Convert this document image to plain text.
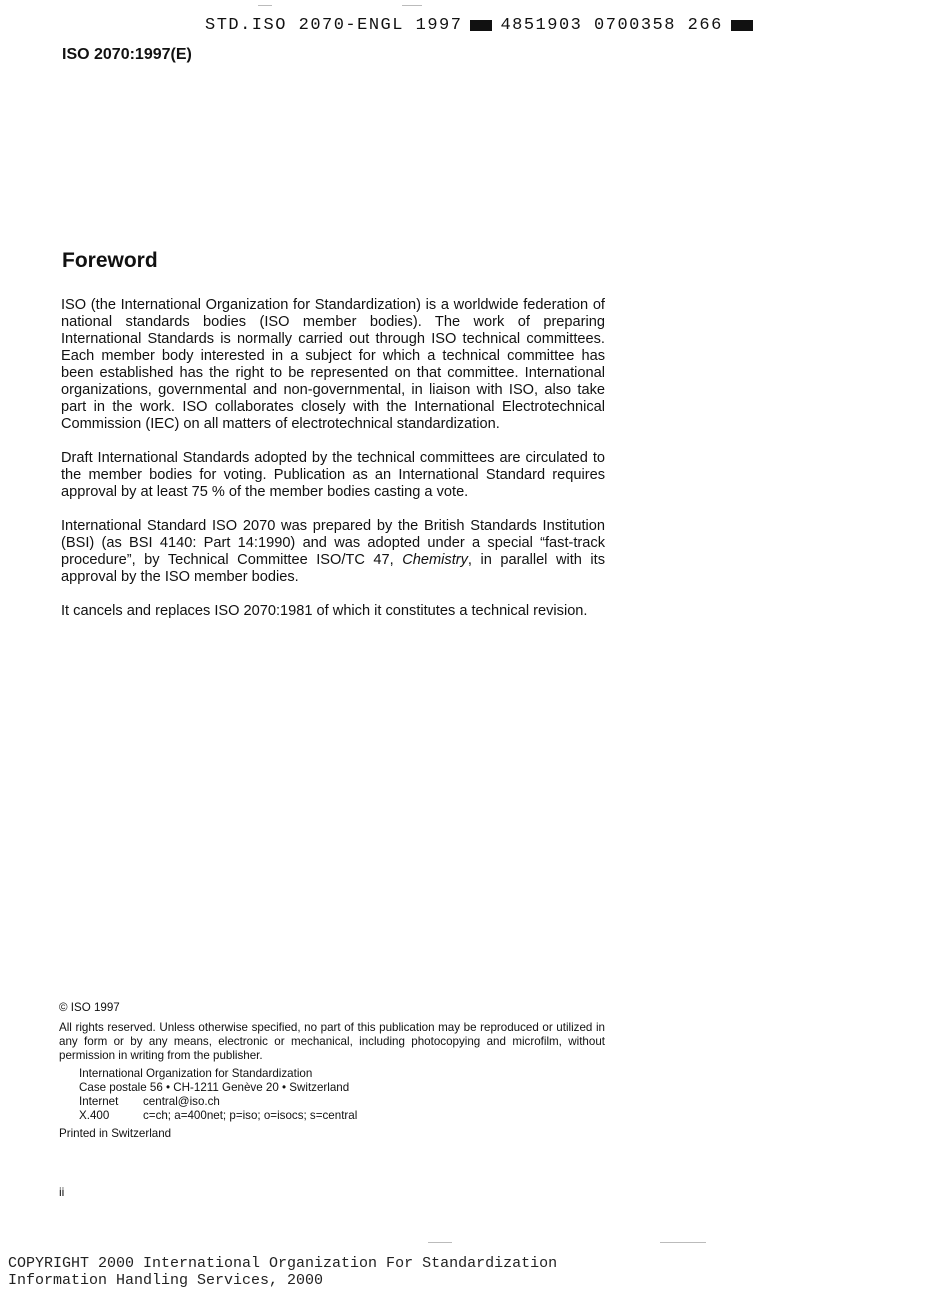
STD.ISO 2070-ENGL 1997 4851903 0700358 266
ISO 2070:1997(E)
Foreword

ISO (the International Organization for Standardization) is a worldwide federation of national standards bodies (ISO member bodies). The work of preparing International Standards is normally carried out through ISO technical committees. Each member body interested in a subject for which a technical committee has been established has the right to be represented on that committee. International organizations, governmental and non-governmental, in liaison with ISO, also take part in the work. ISO collaborates closely with the International Electrotechnical Commission (IEC) on all matters of electrotechnical standardization.

Draft International Standards adopted by the technical committees are circulated to the member bodies for voting. Publication as an International Standard requires approval by at least 75 % of the member bodies casting a vote.

International Standard ISO 2070 was prepared by the British Standards Institution (BSI) (as BSI 4140: Part 14:1990) and was adopted under a special “fast-track procedure”, by Technical Committee ISO/TC 47, Chemistry, in parallel with its approval by the ISO member bodies.

It cancels and replaces ISO 2070:1981 of which it constitutes a technical revision.

© ISO 1997
All rights reserved. Unless otherwise specified, no part of this publication may be reproduced or utilized in any form or by any means, electronic or mechanical, including photocopying and microfilm, without permission in writing from the publisher.
International Organization for Standardization
Case postale 56 • CH-1211 Genève 20 • Switzerland
Internet	central@iso.ch
X.400	c=ch; a=400net; p=iso; o=isocs; s=central
Printed in Switzerland
ii
COPYRIGHT 2000 International Organization For Standardization
Information Handling Services, 2000
